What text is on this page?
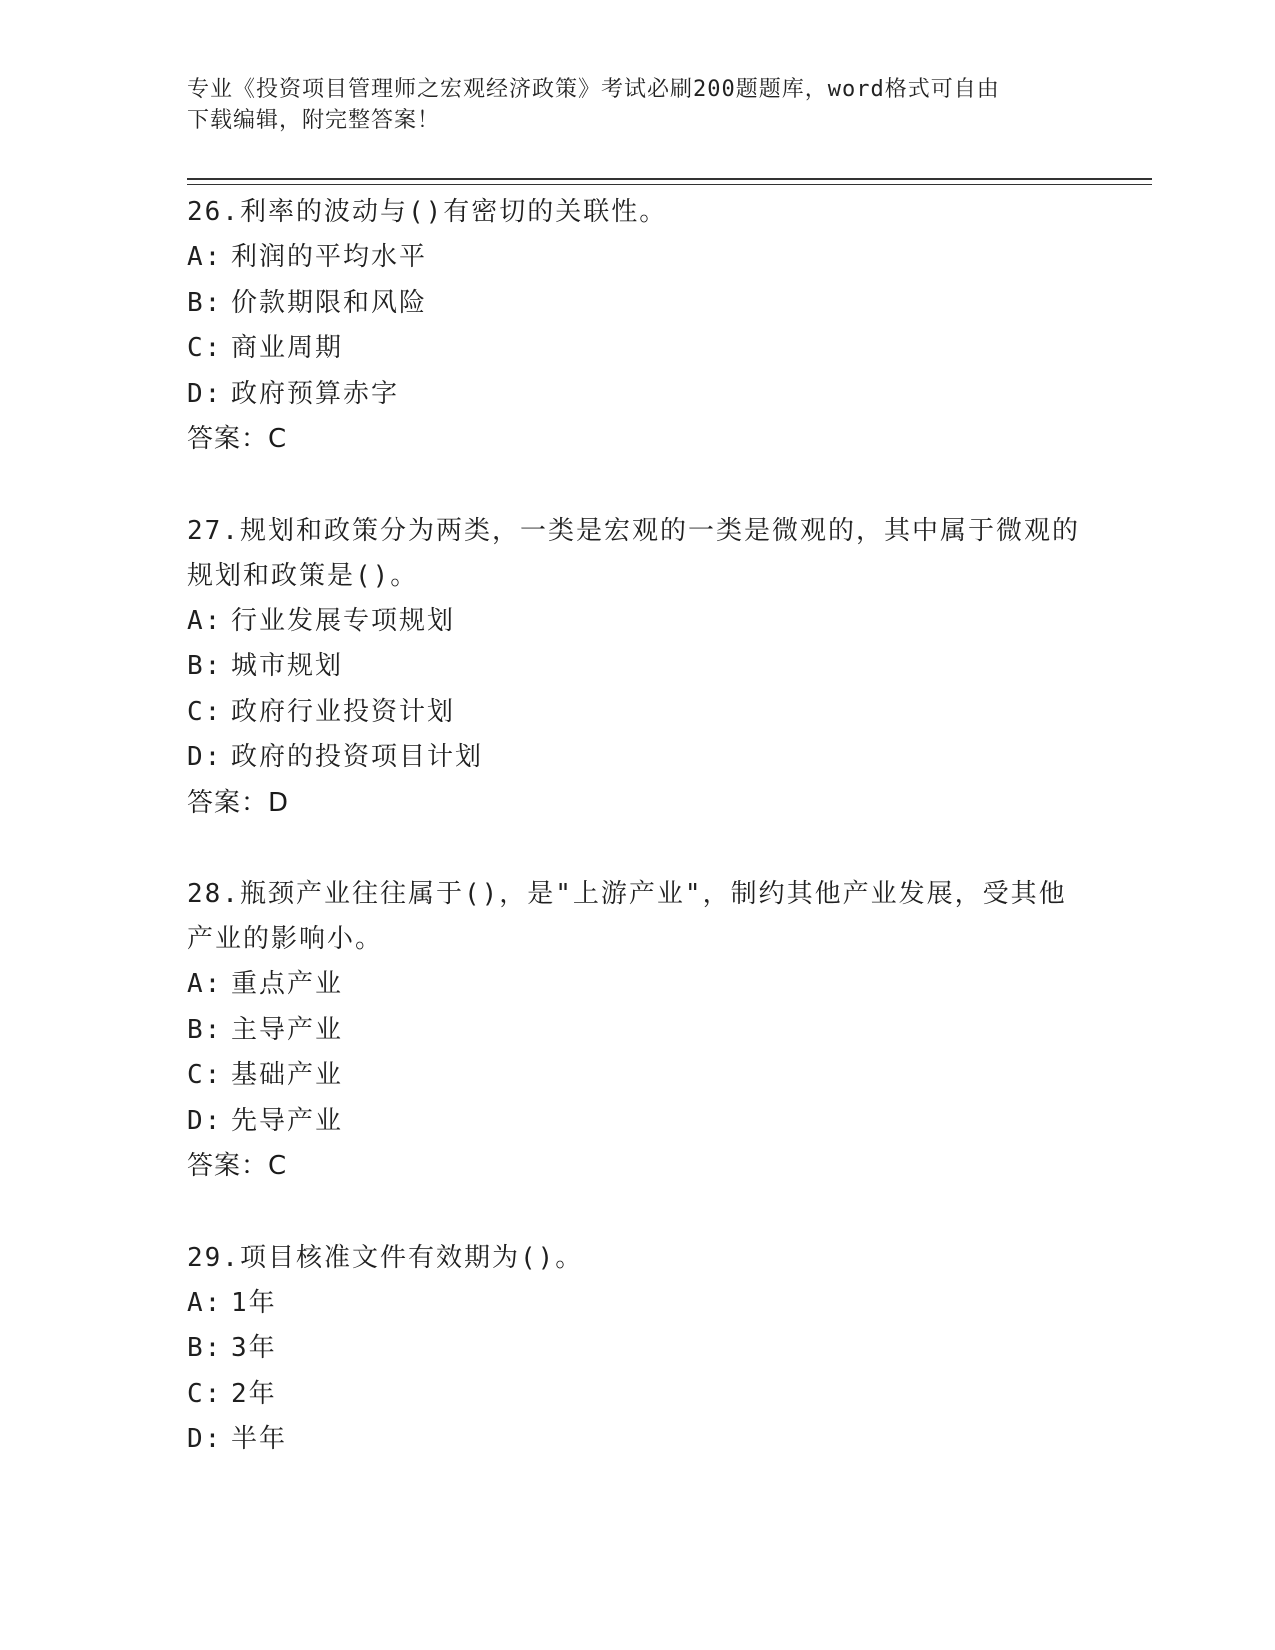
专业《投资项目管理师之宏观经济政策》考试必刷200题题库，word格式可自由
下载编辑，附完整答案！
26.利率的波动与()有密切的关联性。
A: 利润的平均水平
B: 价款期限和风险
C: 商业周期
D: 政府预算赤字
答案：C
27.规划和政策分为两类，一类是宏观的一类是微观的，其中属于微观的规划和政策是()。
A: 行业发展专项规划
B: 城市规划
C: 政府行业投资计划
D: 政府的投资项目计划
答案：D
28.瓶颈产业往往属于()，是"上游产业"，制约其他产业发展，受其他产业的影响小。
A: 重点产业
B: 主导产业
C: 基础产业
D: 先导产业
答案：C
29.项目核准文件有效期为()。
A: 1年
B: 3年
C: 2年
D: 半年
